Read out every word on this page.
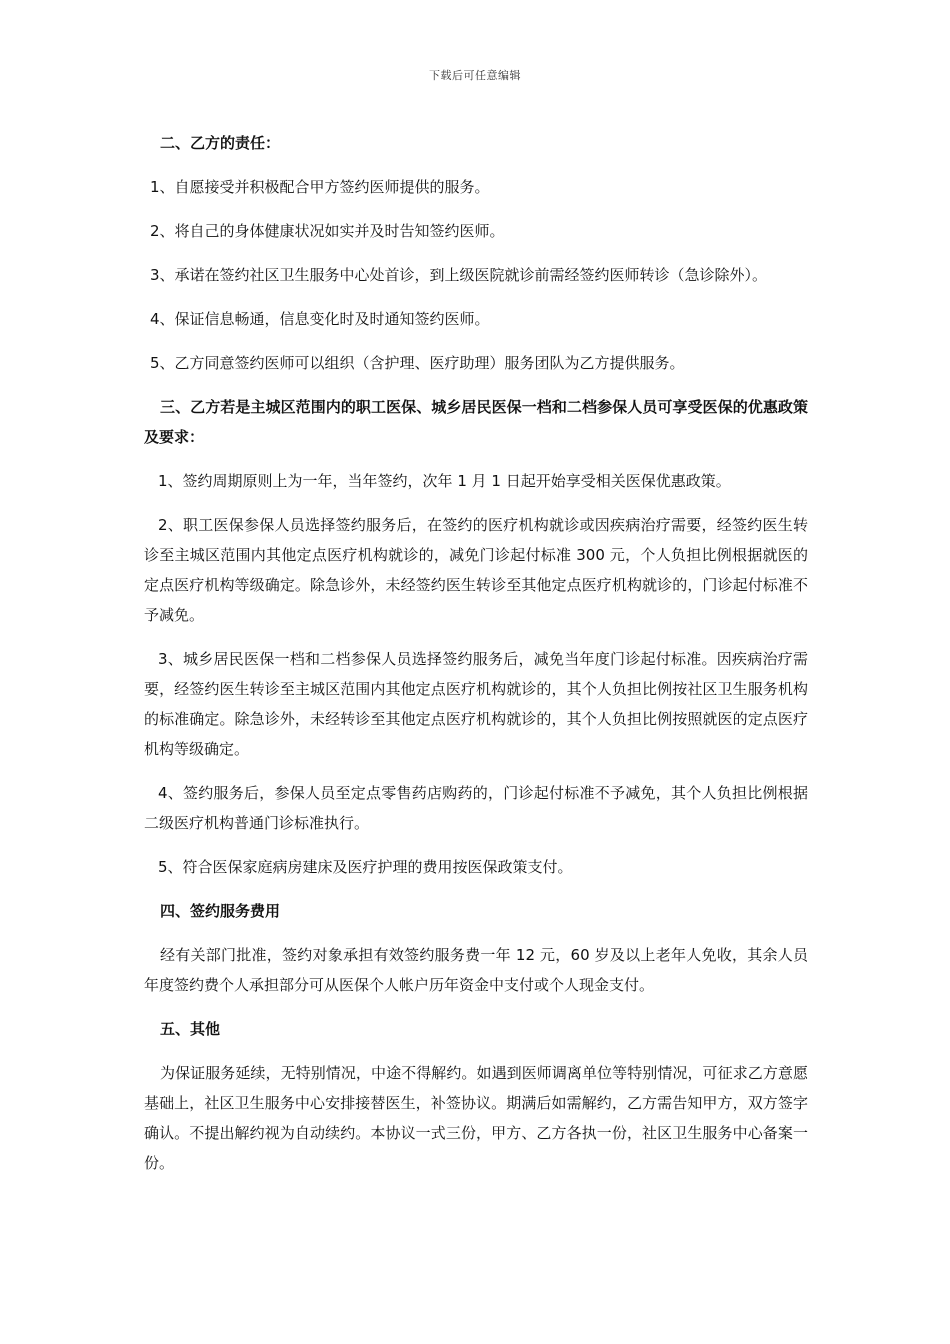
下载后可任意编辑
二、乙方的责任：
1、自愿接受并积极配合甲方签约医师提供的服务。
2、将自己的身体健康状况如实并及时告知签约医师。
3、承诺在签约社区卫生服务中心处首诊，到上级医院就诊前需经签约医师转诊（急诊除外）。
4、保证信息畅通，信息变化时及时通知签约医师。
5、乙方同意签约医师可以组织（含护理、医疗助理）服务团队为乙方提供服务。
三、乙方若是主城区范围内的职工医保、城乡居民医保一档和二档参保人员可享受医保的优惠政策及要求：
1、签约周期原则上为一年，当年签约，次年 1 月 1 日起开始享受相关医保优惠政策。
2、职工医保参保人员选择签约服务后，在签约的医疗机构就诊或因疾病治疗需要，经签约医生转诊至主城区范围内其他定点医疗机构就诊的，减免门诊起付标准 300 元，个人负担比例根据就医的定点医疗机构等级确定。除急诊外，未经签约医生转诊至其他定点医疗机构就诊的，门诊起付标准不予减免。
3、城乡居民医保一档和二档参保人员选择签约服务后，减免当年度门诊起付标准。因疾病治疗需要，经签约医生转诊至主城区范围内其他定点医疗机构就诊的，其个人负担比例按社区卫生服务机构的标准确定。除急诊外，未经转诊至其他定点医疗机构就诊的，其个人负担比例按照就医的定点医疗机构等级确定。
4、签约服务后，参保人员至定点零售药店购药的，门诊起付标准不予减免，其个人负担比例根据二级医疗机构普通门诊标准执行。
5、符合医保家庭病房建床及医疗护理的费用按医保政策支付。
四、签约服务费用
经有关部门批准，签约对象承担有效签约服务费一年 12 元，60 岁及以上老年人免收，其余人员年度签约费个人承担部分可从医保个人帐户历年资金中支付或个人现金支付。
五、其他
为保证服务延续，无特别情况，中途不得解约。如遇到医师调离单位等特别情况，可征求乙方意愿基础上，社区卫生服务中心安排接替医生，补签协议。期满后如需解约，乙方需告知甲方，双方签字确认。不提出解约视为自动续约。本协议一式三份，甲方、乙方各执一份，社区卫生服务中心备案一份。
